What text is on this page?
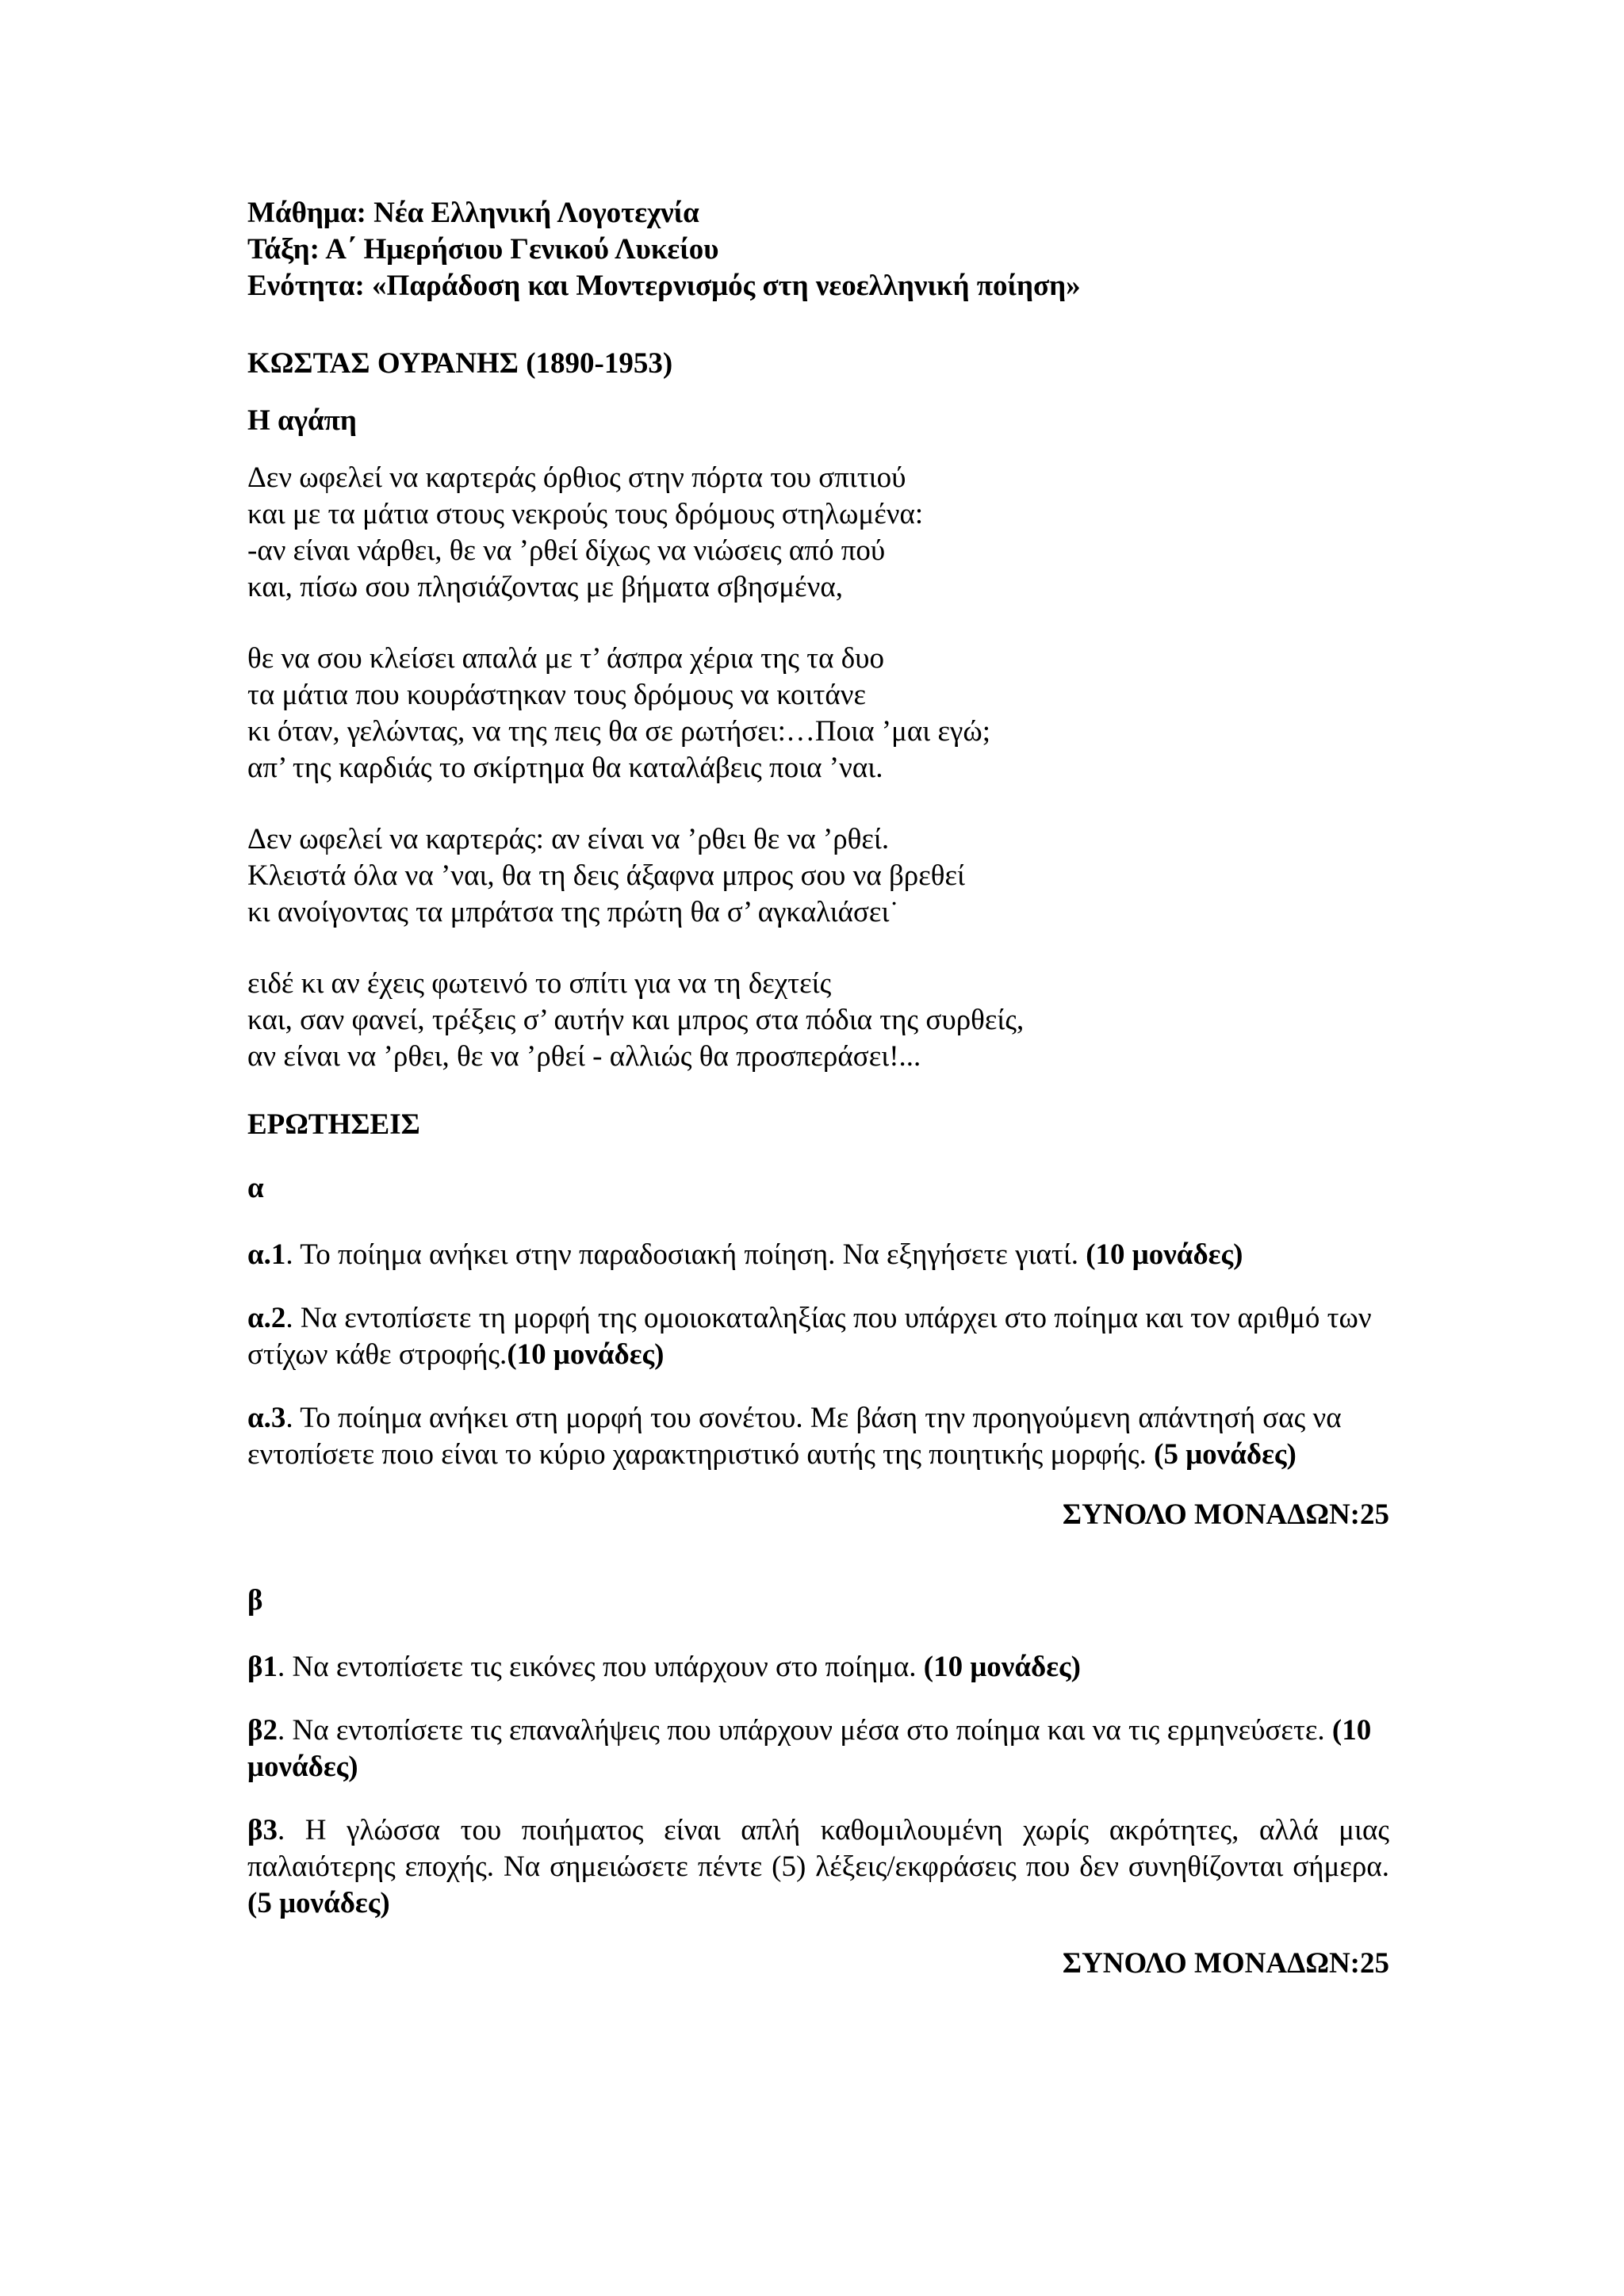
Μάθημα: Νέα Ελληνική Λογοτεχνία

Τάξη: Α΄ Ημερήσιου Γενικού Λυκείου

Ενότητα: «Παράδοση και Μοντερνισμός στη νεοελληνική ποίηση»

ΚΩΣΤΑΣ ΟΥΡΑΝΗΣ (1890-1953)

Η αγάπη

Δεν ωφελεί να καρτεράς όρθιος στην πόρτα του σπιτιού

και με τα μάτια στους νεκρούς τους δρόμους στηλωμένα:

-αν είναι νάρθει, θε να ’ρθεί δίχως να νιώσεις από πού

και, πίσω σου πλησιάζοντας με βήματα σβησμένα,

θε να σου κλείσει απαλά με τ’ άσπρα χέρια της τα δυο

τα μάτια που κουράστηκαν τους δρόμους να κοιτάνε

κι όταν, γελώντας, να της πεις θα σε ρωτήσει:…Ποια ’μαι εγώ;

απ’ της καρδιάς το σκίρτημα θα καταλάβεις ποια ’ναι.

Δεν ωφελεί να καρτεράς: αν είναι να ’ρθει θε να ’ρθεί.

Κλειστά όλα να ’ναι, θα τη δεις άξαφνα μπρος σου να βρεθεί

κι ανοίγοντας τα μπράτσα της πρώτη θα σ’ αγκαλιάσει˙

ειδέ κι αν έχεις φωτεινό το σπίτι για να τη δεχτείς

και, σαν φανεί, τρέξεις σ’ αυτήν και μπρος στα πόδια της συρθείς,

αν είναι να ’ρθει, θε να ’ρθεί - αλλιώς θα προσπεράσει!...

ΕΡΩΤΗΣΕΙΣ

α

α.1. Το ποίημα ανήκει στην παραδοσιακή ποίηση. Να εξηγήσετε γιατί. (10 μονάδες)

α.2. Να εντοπίσετε τη μορφή της ομοιοκαταληξίας που υπάρχει στο ποίημα και τον αριθμό των στίχων κάθε στροφής.(10 μονάδες)

α.3. Το ποίημα ανήκει στη μορφή του σονέτου. Με βάση την προηγούμενη απάντησή σας να εντοπίσετε ποιο είναι το κύριο χαρακτηριστικό αυτής της ποιητικής μορφής. (5 μονάδες)

ΣΥΝΟΛΟ ΜΟΝΑΔΩΝ:25

β

β1. Να εντοπίσετε τις εικόνες που υπάρχουν στο ποίημα. (10 μονάδες)

β2. Να εντοπίσετε τις επαναλήψεις που υπάρχουν μέσα στο ποίημα και να τις ερμηνεύσετε. (10 μονάδες)

β3. Η γλώσσα του ποιήματος είναι απλή καθομιλουμένη χωρίς ακρότητες, αλλά μιας παλαιότερης εποχής. Να σημειώσετε πέντε (5) λέξεις/εκφράσεις που δεν συνηθίζονται σήμερα. (5 μονάδες)

ΣΥΝΟΛΟ ΜΟΝΑΔΩΝ:25
